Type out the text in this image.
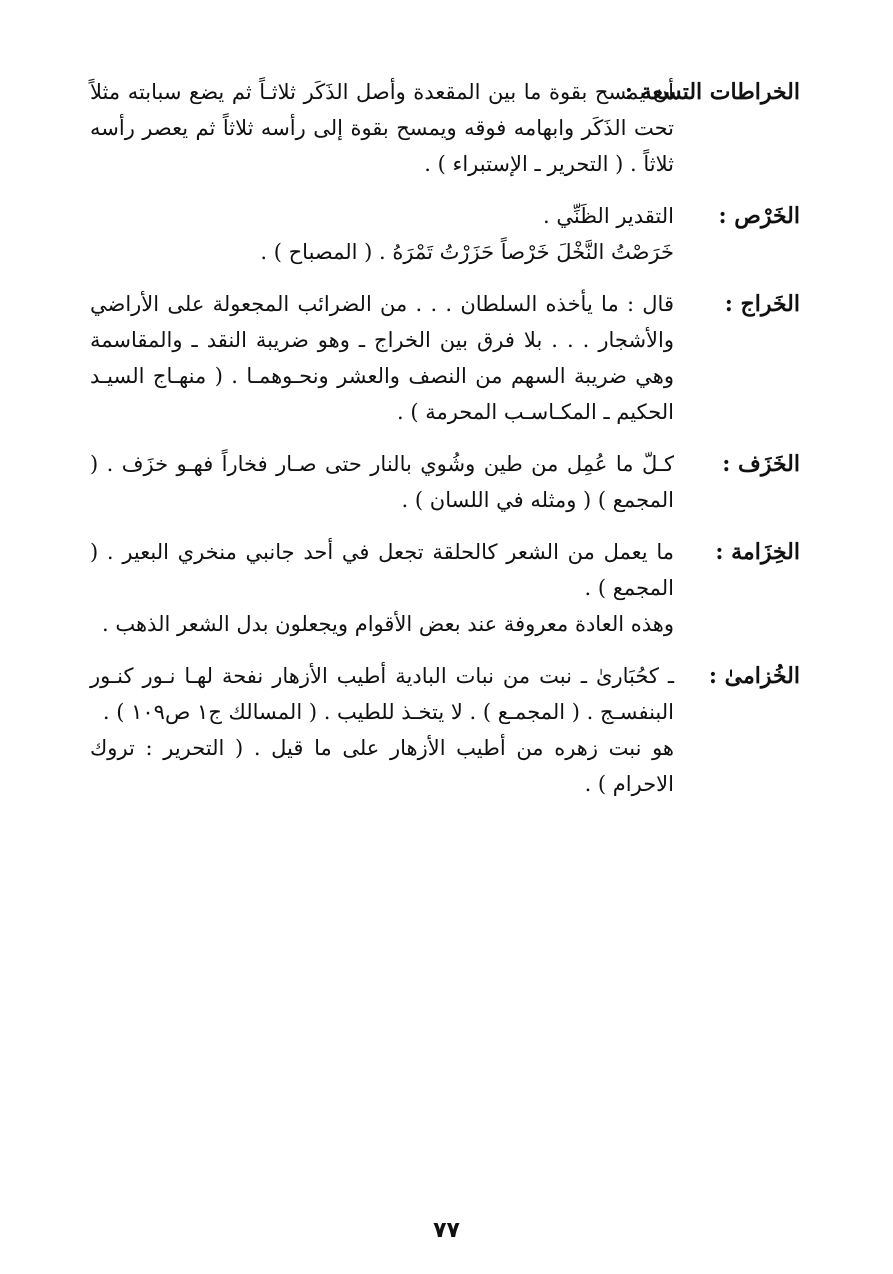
الخراطات التسعة :
أن يمسح بقوة ما بين المقعدة وأصل الذَكَر ثلاثـاً ثم يضع سبابته مثلاً تحت الذَكَر وابهامه فوقه ويمسح بقوة إلى رأسه ثلاثاً ثم يعصر رأسه ثلاثاً . ( التحرير ـ الإستبراء ) .
الخَرْص :
التقدير الظَنِّي .
خَرَصْتُ النَّخْلَ خَرْصاً حَزَرْتُ تَمْرَهُ . ( المصباح ) .
الخَراج :
قال : ما يأخذه السلطان . . . من الضرائب المجعولة على الأراضي والأشجار . . . بلا فرق بين الخراج ـ وهو ضريبة النقد ـ والمقاسمة وهي ضريبة السهم من النصف والعشر ونحـوهمـا . ( منهـاج السيـد الحكيم ـ المكـاسـب المحرمة ) .
الخَزَف :
كـلّ ما عُمِل من طين وشُوي بالنار حتى صـار فخاراً فهـو خزَف . ( المجمع ) ( ومثله في اللسان ) .
الخِزَامة :
ما يعمل من الشعر كالحلقة تجعل في أحد جانبي منخري البعير . ( المجمع ) .
وهذه العادة معروفة عند بعض الأقوام ويجعلون بدل الشعر الذهب .
الخُزامىٰ :
ـ كحُبَارىٰ ـ نبت من نبات البادية أطيب الأزهار نفحة لهـا نـور كنـور البنفسـج . ( المجمـع ) . لا يتخـذ للطيب . ( المسالك ج١ ص١٠٩ ) .
هو نبت زهره من أطيب الأزهار على ما قيل . ( التحرير : تروك الاحرام ) .
٧٧
